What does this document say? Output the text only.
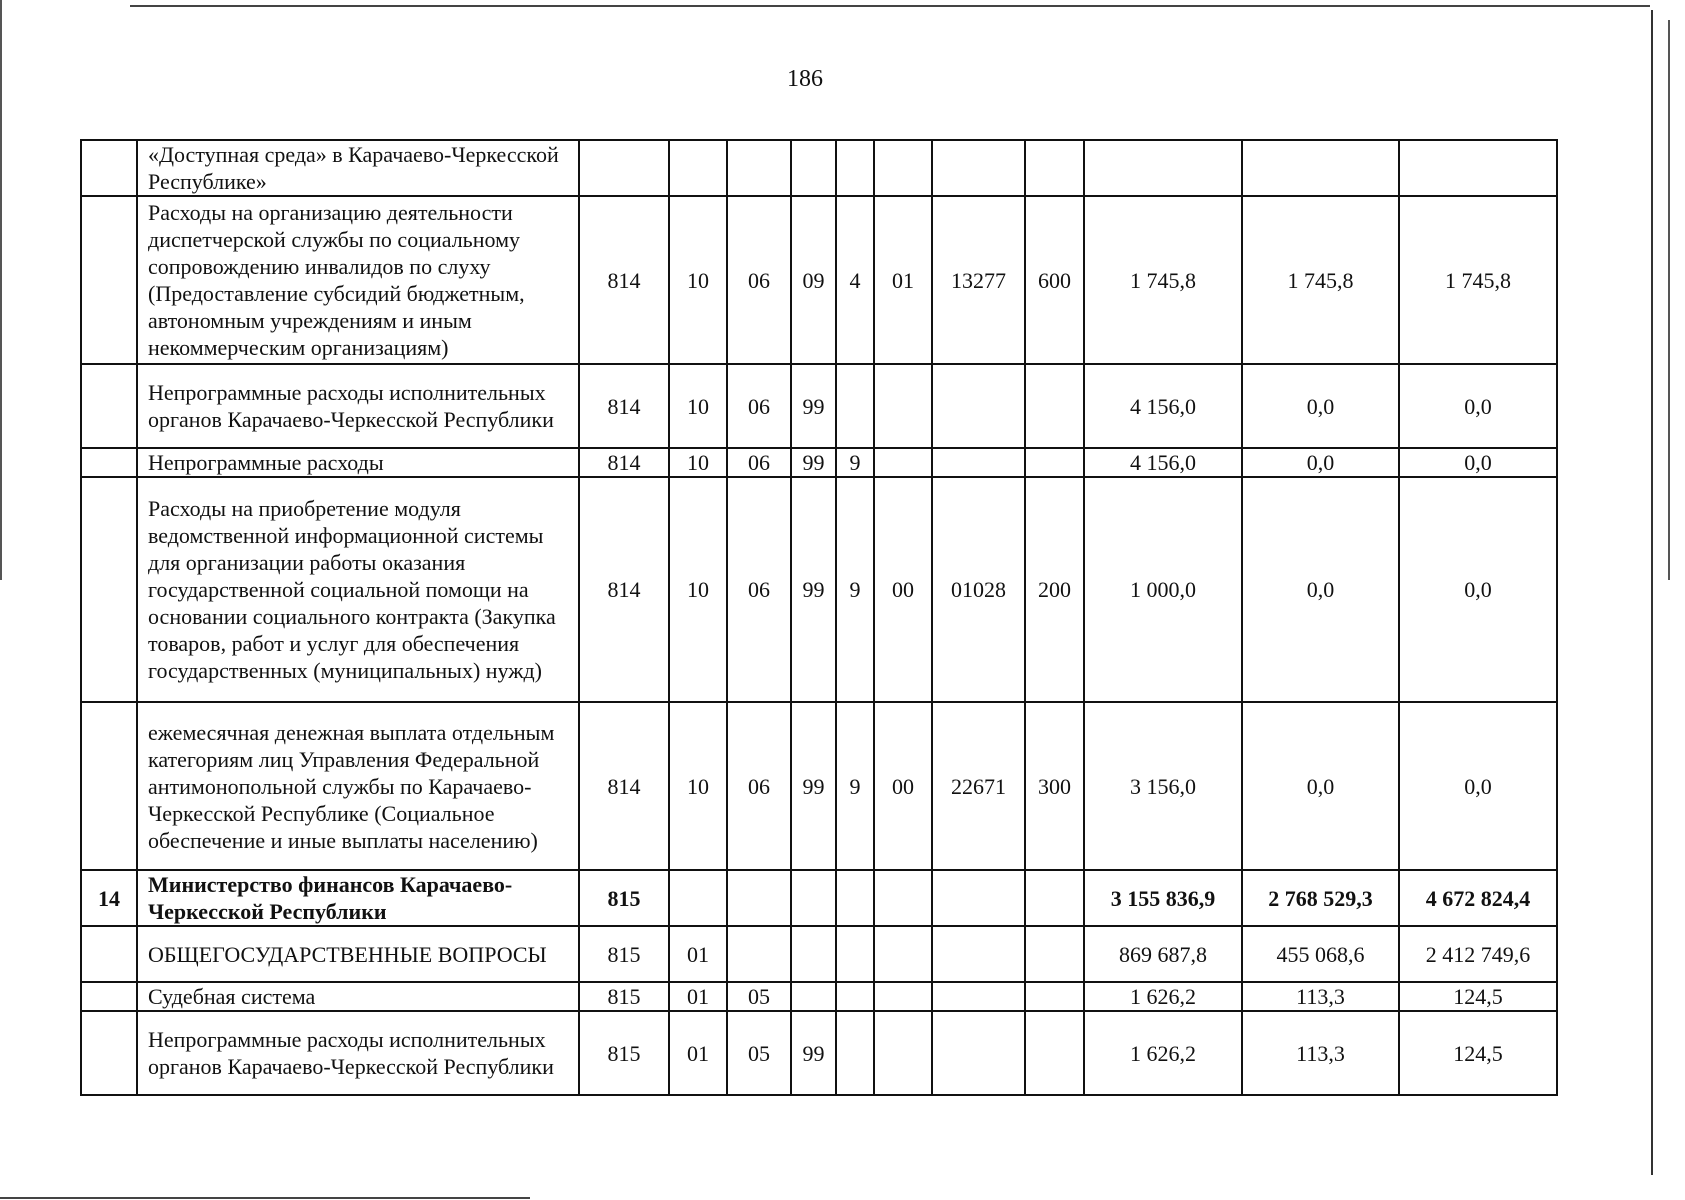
186
	«Доступная среда» в Карачаево-Черкесской Республике»											
	Расходы на организацию деятельности диспетчерской службы по социальному сопровождению инвалидов по слуху (Предоставление субсидий бюджетным, автономным учреждениям и иным некоммерческим организациям)	814	10	06	09	4	01	13277	600	1 745,8	1 745,8	1 745,8
	Непрограммные расходы исполнительных органов Карачаево-Черкесской Республики	814	10	06	99					4 156,0	0,0	0,0
	Непрограммные расходы	814	10	06	99	9				4 156,0	0,0	0,0
	Расходы на приобретение модуля ведомственной информационной системы для организации работы оказания государственной социальной помощи на основании социального контракта (Закупка товаров, работ и услуг для обеспечения государственных (муниципальных) нужд)	814	10	06	99	9	00	01028	200	1 000,0	0,0	0,0
	ежемесячная денежная выплата отдельным категориям лиц Управления Федеральной антимонопольной службы по Карачаево-Черкесской Республике (Социальное обеспечение и иные выплаты населению)	814	10	06	99	9	00	22671	300	3 156,0	0,0	0,0
14	Министерство финансов Карачаево-Черкесской Республики	815								3 155 836,9	2 768 529,3	4 672 824,4
	ОБЩЕГОСУДАРСТВЕННЫЕ ВОПРОСЫ	815	01							869 687,8	455 068,6	2 412 749,6
	Судебная система	815	01	05						1 626,2	113,3	124,5
	Непрограммные расходы исполнительных органов Карачаево-Черкесской Республики	815	01	05	99					1 626,2	113,3	124,5
